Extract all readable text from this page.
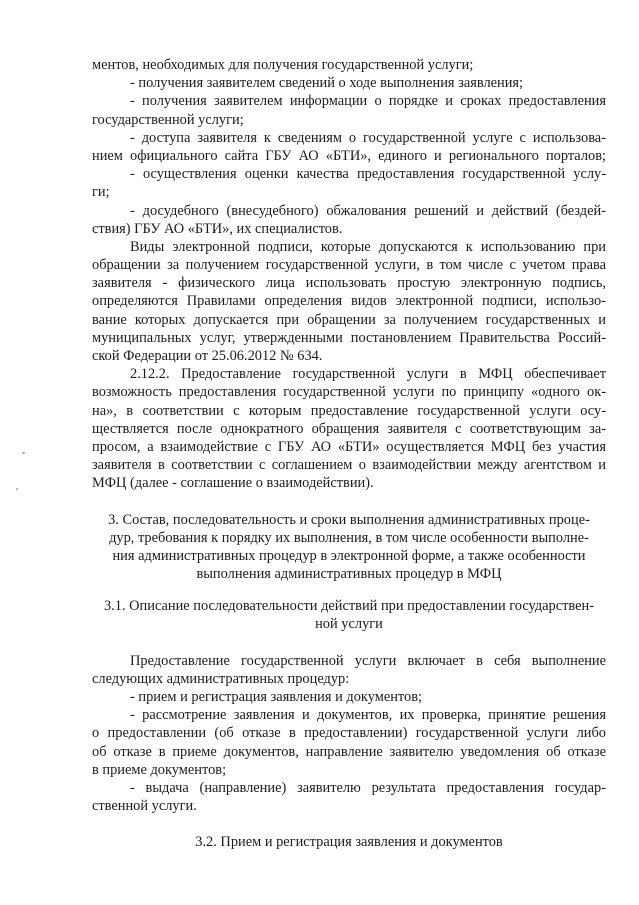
ментов, необходимых для получения государственной услуги;
- получения заявителем сведений о ходе выполнения заявления;
- получения заявителем информации о порядке и сроках предоставления
государственной услуги;
- доступа заявителя к сведениям о государственной услуге с использова-
нием официального сайта ГБУ АО «БТИ», единого и регионального порталов;
- осуществления оценки качества предоставления государственной услу-
ги;
- досудебного (внесудебного) обжалования решений и действий (бездей-
ствия) ГБУ АО «БТИ», их специалистов.
Виды электронной подписи, которые допускаются к использованию при
обращении за получением государственной услуги, в том числе с учетом права
заявителя - физического лица использовать простую электронную подпись,
определяются Правилами определения видов электронной подписи, использо-
вание которых допускается при обращении за получением государственных и
муниципальных услуг, утвержденными постановлением Правительства Россий-
ской Федерации от 25.06.2012 № 634.
2.12.2. Предоставление государственной услуги в МФЦ обеспечивает
возможность предоставления государственной услуги по принципу «одного ок-
на», в соответствии с которым предоставление государственной услуги осу-
ществляется после однократного обращения заявителя с соответствующим за-
просом, а взаимодействие с ГБУ АО «БТИ» осуществляется МФЦ без участия
заявителя в соответствии с соглашением о взаимодействии между агентством и
МФЦ (далее - соглашение о взаимодействии).
3. Состав, последовательность и сроки выполнения административных проце-
дур, требования к порядку их выполнения, в том числе особенности выполне-
ния административных процедур в электронной форме, а также особенности
выполнения административных процедур в МФЦ
3.1. Описание последовательности действий при предоставлении государствен-
ной услуги
Предоставление государственной услуги включает в себя выполнение
следующих административных процедур:
- прием и регистрация заявления и документов;
- рассмотрение заявления и документов, их проверка, принятие решения
о предоставлении (об отказе в предоставлении) государственной услуги либо
об отказе в приеме документов, направление заявителю уведомления об отказе
в приеме документов;
- выдача (направление) заявителю результата предоставления государ-
ственной услуги.
3.2. Прием и регистрация заявления и документов
